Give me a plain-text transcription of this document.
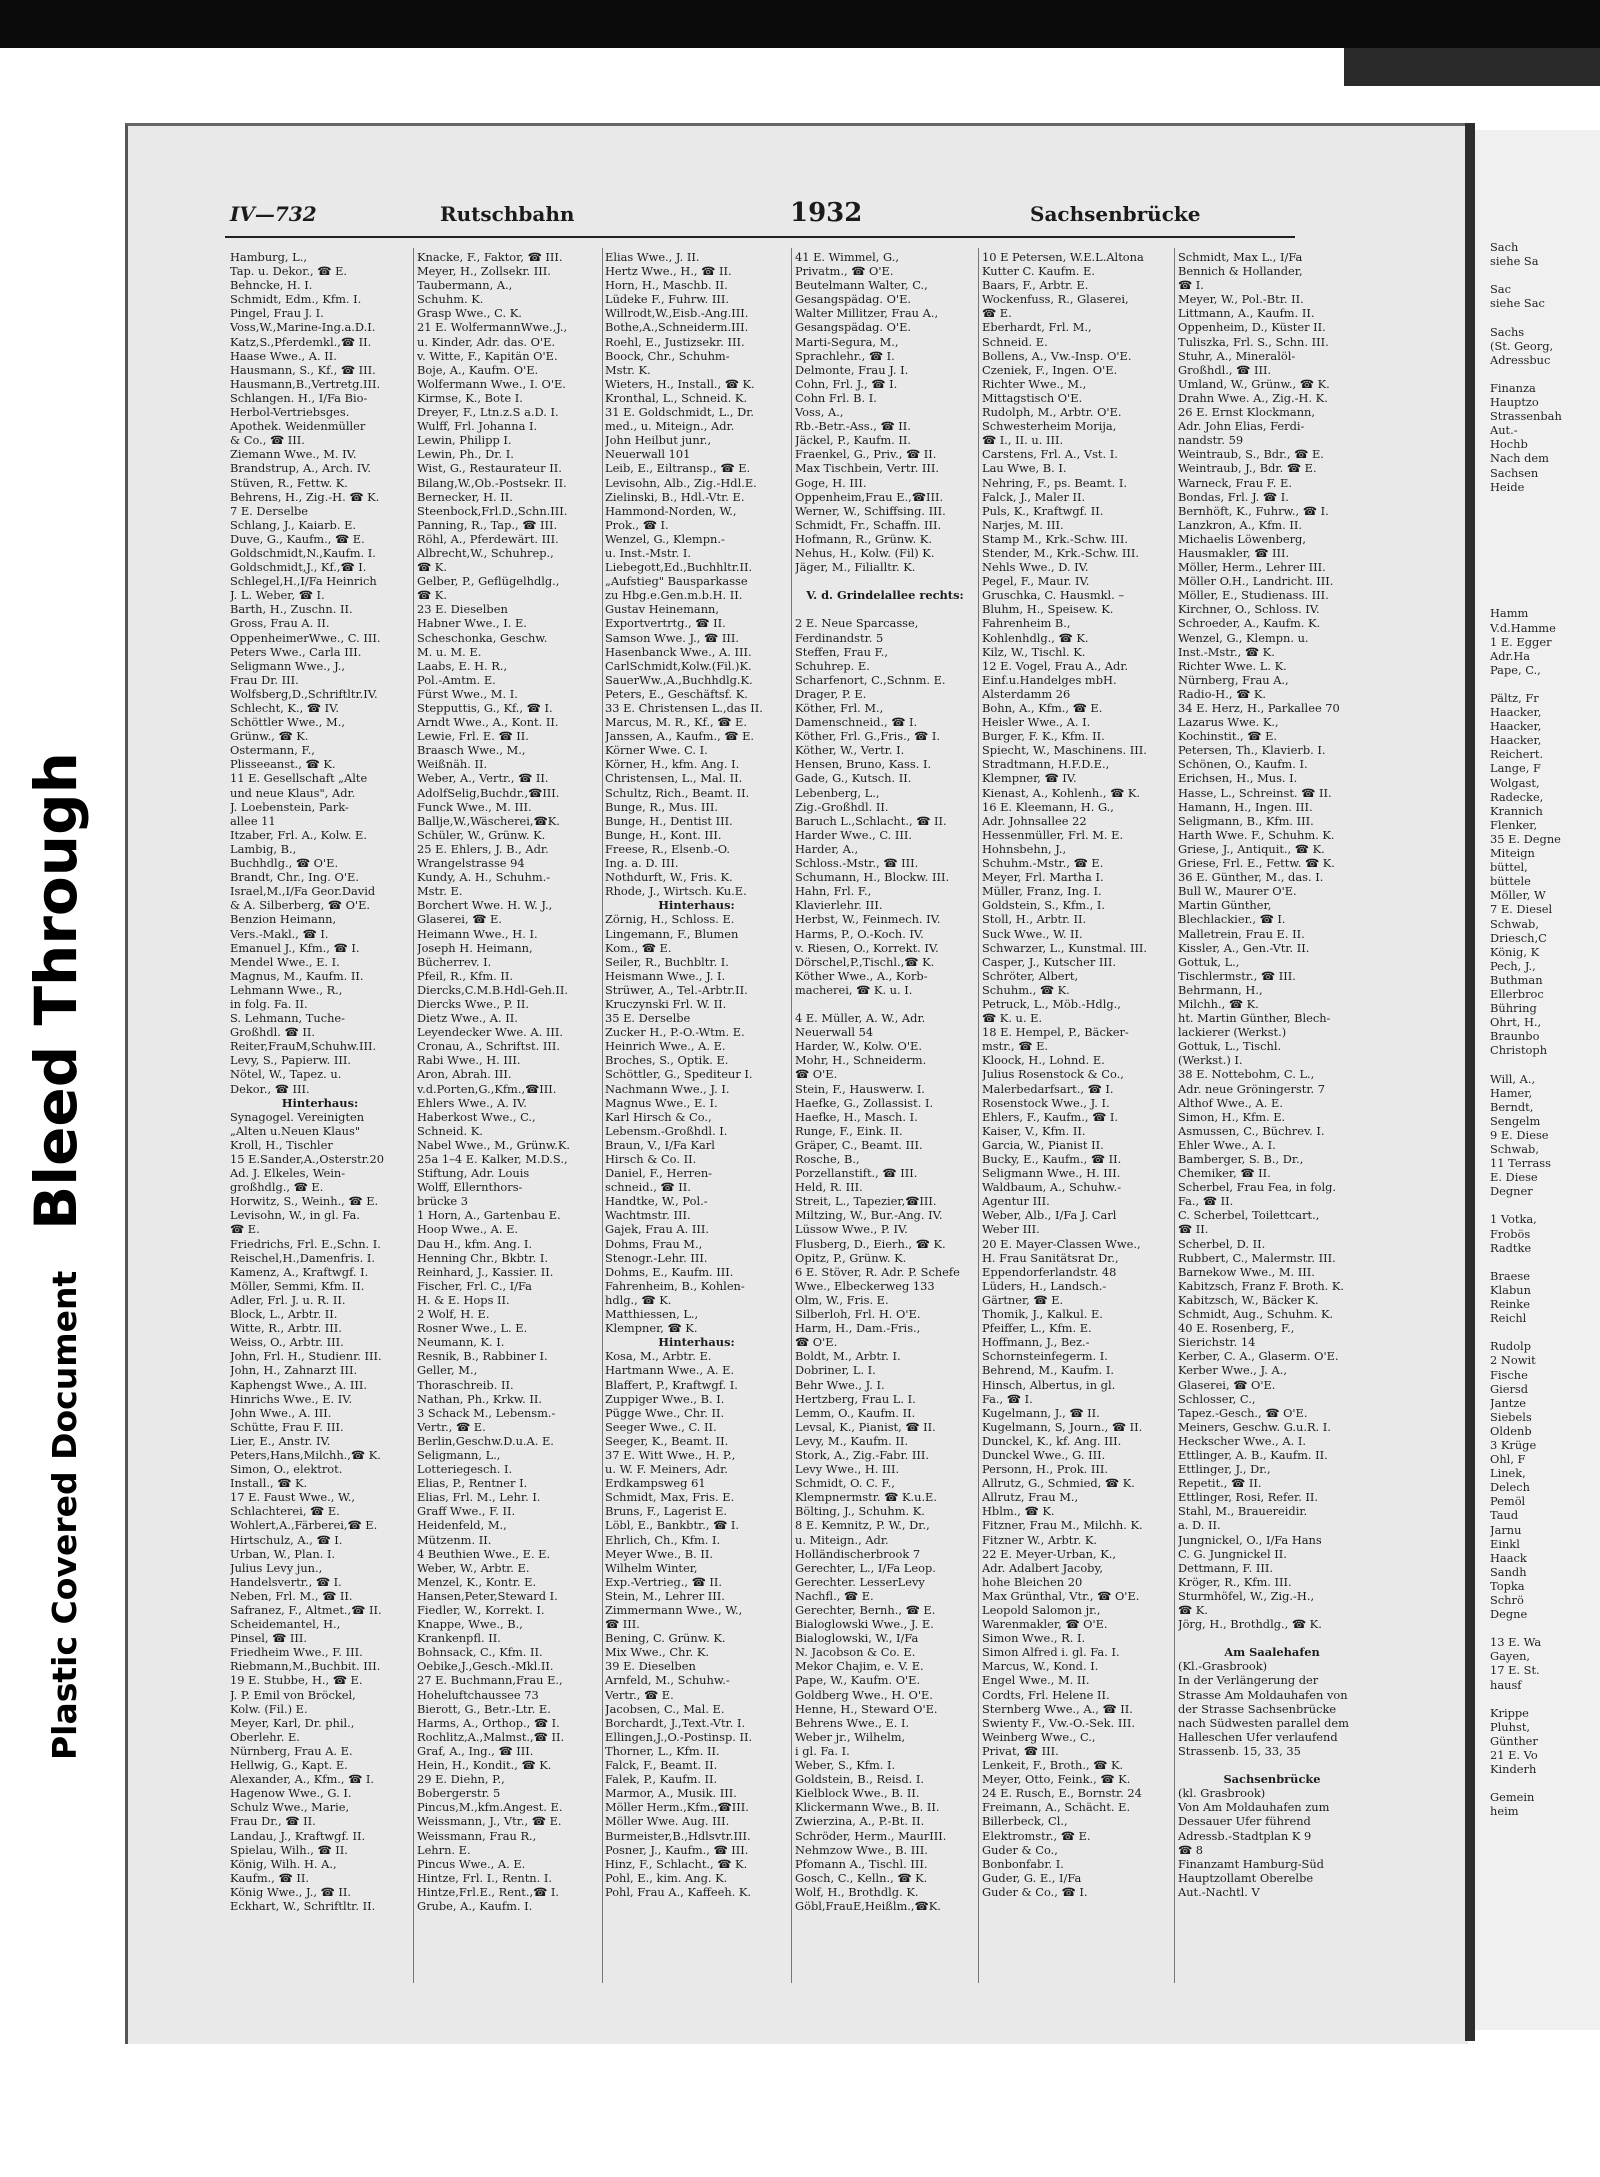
Bleed Through
Plastic Covered Document
IV—732	Rutschbahn	1932	Sachsenbrücke
Hamburg, L.,
Tap. u. Dekor., ☎ E.
Behncke, H. I.
Schmidt, Edm., Kfm. I.
Pingel, Frau J. I.
Voss,W.,Marine-Ing.a.D.I.
Katz,S.,Pferdemkl.,☎ II.
Haase Wwe., A. II.
Hausmann, S., Kf., ☎ III.
Hausmann,B.,Vertretg.III.
Schlangen. H., I/Fa Bio-
Herbol-Vertriebsges.
Apothek. Weidenmüller
& Co., ☎ III.
Ziemann Wwe., M. IV.
Brandstrup, A., Arch. IV.
Stüven, R., Fettw. K.
Behrens, H., Zig.-H. ☎ K.
7 E. Derselbe
Schlang, J., Kaiarb. E.
Duve, G., Kaufm., ☎ E.
Goldschmidt,N.,Kaufm. I.
Goldschmidt,J., Kf.,☎ I.
Schlegel,H.,I/Fa Heinrich
J. L. Weber, ☎ I.
Barth, H., Zuschn. II.
Gross, Frau A. II.
OppenheimerWwe., C. III.
Peters Wwe., Carla III.
Seligmann Wwe., J.,
Frau Dr. III.
Wolfsberg,D.,Schriftltr.IV.
Schlecht, K., ☎ IV.
Schöttler Wwe., M.,
Grünw., ☎ K.
Ostermann, F.,
Plisseeanst., ☎ K.
11 E. Gesellschaft „Alte
und neue Klaus", Adr.
J. Loebenstein, Park-
allee 11
Itzaber, Frl. A., Kolw. E.
Lambig, B.,
Buchhdlg., ☎ O'E.
Brandt, Chr., Ing. O'E.
Israel,M.,I/Fa Geor.David
& A. Silberberg, ☎ O'E.
Benzion Heimann,
Vers.-Makl., ☎ I.
Emanuel J., Kfm., ☎ I.
Mendel Wwe., E. I.
Magnus, M., Kaufm. II.
Lehmann Wwe., R.,
in folg. Fa. II.
S. Lehmann, Tuche-
Großhdl. ☎ II.
Reiter,FrauM,Schuhw.III.
Levy, S., Papierw. III.
Nötel, W., Tapez. u.
Dekor., ☎ III.
Hinterhaus:
Synagogel. Vereinigten
„Alten u.Neuen Klaus"
Kroll, H., Tischler
15 E.Sander,A.,Osterstr.20
Ad. J. Elkeles, Wein-
großhdlg., ☎ E.
Horwitz, S., Weinh., ☎ E.
Levisohn, W., in gl. Fa.
☎ E.
Friedrichs, Frl. E.,Schn. I.
Reischel,H.,Damenfris. I.
Kamenz, A., Kraftwgf. I.
Möller, Semmi, Kfm. II.
Adler, Frl. J. u. R. II.
Block, L., Arbtr. II.
Witte, R., Arbtr. III.
Weiss, O., Arbtr. III.
John, Frl. H., Studienr. III.
John, H., Zahnarzt III.
Kaphengst Wwe., A. III.
Hinrichs Wwe., E. IV.
John Wwe., A. III.
Schütte, Frau F. III.
Lier, E., Anstr. IV.
Peters,Hans,Milchh.,☎ K.
Simon, O., elektrot.
Install., ☎ K.
17 E. Faust Wwe., W.,
Schlachterei, ☎ E.
Wohlert,A.,Färberei,☎ E.
Hirtschulz, A., ☎ I.
Urban, W., Plan. I.
Julius Levy jun.,
Handelsvertr., ☎ I.
Neben, Frl. M., ☎ II.
Safranez, F., Altmet.,☎ II.
Scheidemantel, H.,
Pinsel, ☎ III.
Friedheim Wwe., F. III.
Riebmann,M.,Buchbit. III.
19 E. Stubbe, H., ☎ E.
J. P. Emil von Bröckel,
Kolw. (Fil.) E.
Meyer, Karl, Dr. phil.,
Oberlehr. E.
Nürnberg, Frau A. E.
Hellwig, G., Kapt. E.
Alexander, A., Kfm., ☎ I.
Hagenow Wwe., G. I.
Schulz Wwe., Marie,
Frau Dr., ☎ II.
Landau, J., Kraftwgf. II.
Spielau, Wilh., ☎ II.
König, Wilh. H. A.,
Kaufm., ☎ II.
König Wwe., J., ☎ II.
Eckhart, W., Schriftltr. II.
Knacke, F., Faktor, ☎ III.
Meyer, H., Zollsekr. III.
Taubermann, A.,
Schuhm. K.
Grasp Wwe., C. K.
21 E. WolfermannWwe.,J.,
u. Kinder, Adr. das. O'E.
v. Witte, F., Kapitän O'E.
Boje, A., Kaufm. O'E.
Wolfermann Wwe., I. O'E.
Kirmse, K., Bote I.
Dreyer, F., Ltn.z.S a.D. I.
Wulff, Frl. Johanna I.
Lewin, Philipp I.
Lewin, Ph., Dr. I.
Wist, G., Restaurateur II.
Bilang,W.,Ob.-Postsekr. II.
Bernecker, H. II.
Steenbock,Frl.D.,Schn.III.
Panning, R., Tap., ☎ III.
Röhl, A., Pferdewärt. III.
Albrecht,W., Schuhrep.,
☎ K.
Gelber, P., Geflügelhdlg.,
☎ K.
23 E. Dieselben
Habner Wwe., I. E.
Scheschonka, Geschw.
M. u. M. E.
Laabs, E. H. R.,
Pol.-Amtm. E.
Fürst Wwe., M. I.
Stepputtis, G., Kf., ☎ I.
Arndt Wwe., A., Kont. II.
Lewie, Frl. E. ☎ II.
Braasch Wwe., M.,
Weißnäh. II.
Weber, A., Vertr., ☎ II.
AdolfSelig,Buchdr.,☎III.
Funck Wwe., M. III.
Ballje,W.,Wäscherei,☎K.
Schüler, W., Grünw. K.
25 E. Ehlers, J. B., Adr.
Wrangelstrasse 94
Kundy, A. H., Schuhm.-
Mstr. E.
Borchert Wwe. H. W. J.,
Glaserei, ☎ E.
Heimann Wwe., H. I.
Joseph H. Heimann,
Bücherrev. I.
Pfeil, R., Kfm. II.
Diercks,C.M.B.Hdl-Geh.II.
Diercks Wwe., P. II.
Dietz Wwe., A. II.
Leyendecker Wwe. A. III.
Cronau, A., Schriftst. III.
Rabi Wwe., H. III.
Aron, Abrah. III.
v.d.Porten,G.,Kfm.,☎III.
Ehlers Wwe., A. IV.
Haberkost Wwe., C.,
Schneid. K.
Nabel Wwe., M., Grünw.K.
25a 1–4 E. Kalker, M.D.S.,
Stiftung, Adr. Louis
Wolff, Ellernthors-
brücke 3
1 Horn, A., Gartenbau E.
Hoop Wwe., A. E.
Dau H., kfm. Ang. I.
Henning Chr., Bkbtr. I.
Reinhard, J., Kassier. II.
Fischer, Frl. C., I/Fa
H. & E. Hops II.
2 Wolf, H. E.
Rosner Wwe., L. E.
Neumann, K. I.
Resnik, B., Rabbiner I.
Geller, M.,
Thoraschreib. II.
Nathan, Ph., Krkw. II.
3 Schack M., Lebensm.-
Vertr., ☎ E.
Berlin,Geschw.D.u.A. E.
Seligmann, L.,
Lotteriegesch. I.
Elias, P., Rentner I.
Elias, Frl. M., Lehr. I.
Graff Wwe., F. II.
Heidenfeld, M.,
Mützenm. II.
4 Beuthien Wwe., E. E.
Weber, W., Arbtr. E.
Menzel, K., Kontr. E.
Hansen,Peter,Steward I.
Fiedler, W., Korrekt. I.
Knappe, Wwe., B.,
Krankenpfl. II.
Bohnsack, C., Kfm. II.
Oebike,J.,Gesch.-Mkl.II.
27 E. Buchmann,Frau E.,
Hoheluftchaussee 73
Bierott, G., Betr.-Ltr. E.
Harms, A., Orthop., ☎ I.
Rochlitz,A.,Malmst.,☎ II.
Graf, A., Ing., ☎ III.
Hein, H., Kondit., ☎ K.
29 E. Diehn, P.,
Bobergerstr. 5
Pincus,M.,kfm.Angest. E.
Weissmann, J., Vtr., ☎ E.
Weissmann, Frau R.,
Lehrn. E.
Pincus Wwe., A. E.
Hintze, Frl. I., Rentn. I.
Hintze,Frl.E., Rent.,☎ I.
Grube, A., Kaufm. I.
Elias Wwe., J. II.
Hertz Wwe., H., ☎ II.
Horn, H., Maschb. II.
Lüdeke F., Fuhrw. III.
Willrodt,W.,Eisb.-Ang.III.
Bothe,A.,Schneiderm.III.
Roehl, E., Justizsekr. III.
Boock, Chr., Schuhm-
Mstr. K.
Wieters, H., Install., ☎ K.
Kronthal, L., Schneid. K.
31 E. Goldschmidt, L., Dr.
med., u. Miteign., Adr.
John Heilbut junr.,
Neuerwall 101
Leib, E., Eiltransp., ☎ E.
Levisohn, Alb., Zig.-Hdl.E.
Zielinski, B., Hdl.-Vtr. E.
Hammond-Norden, W.,
Prok., ☎ I.
Wenzel, G., Klempn.-
u. Inst.-Mstr. I.
Liebegott,Ed.,Buchhltr.II.
„Aufstieg" Bausparkasse
zu Hbg.e.Gen.m.b.H. II.
Gustav Heinemann,
Exportvertrtg., ☎ II.
Samson Wwe. J., ☎ III.
Hasenbanck Wwe., A. III.
CarlSchmidt,Kolw.(Fil.)K.
SauerWw.,A.,Buchhdlg.K.
Peters, E., Geschäftsf. K.
33 E. Christensen L.,das II.
Marcus, M. R., Kf., ☎ E.
Janssen, A., Kaufm., ☎ E.
Körner Wwe. C. I.
Körner, H., kfm. Ang. I.
Christensen, L., Mal. II.
Schultz, Rich., Beamt. II.
Bunge, R., Mus. III.
Bunge, H., Dentist III.
Bunge, H., Kont. III.
Freese, R., Elsenb.-O.
Ing. a. D. III.
Nothdurft, W., Fris. K.
Rhode, J., Wirtsch. Ku.E.
Hinterhaus:
Zörnig, H., Schloss. E.
Lingemann, F., Blumen
Kom., ☎ E.
Seiler, R., Buchbltr. I.
Heismann Wwe., J. I.
Strüwer, A., Tel.-Arbtr.II.
Kruczynski Frl. W. II.
35 E. Derselbe
Zucker H., P.-O.-Wtm. E.
Heinrich Wwe., A. E.
Broches, S., Optik. E.
Schöttler, G., Spediteur I.
Nachmann Wwe., J. I.
Magnus Wwe., E. I.
Karl Hirsch & Co.,
Lebensm.-Großhdl. I.
Braun, V., I/Fa Karl
Hirsch & Co. II.
Daniel, F., Herren-
schneid., ☎ II.
Handtke, W., Pol.-
Wachtmstr. III.
Gajek, Frau A. III.
Dohms, Frau M.,
Stenogr.-Lehr. III.
Dohms, E., Kaufm. III.
Fahrenheim, B., Kohlen-
hdlg., ☎ K.
Matthiessen, L.,
Klempner, ☎ K.
Hinterhaus:
Kosa, M., Arbtr. E.
Hartmann Wwe., A. E.
Blaffert, P., Kraftwgf. I.
Zuppiger Wwe., B. I.
Pügge Wwe., Chr. II.
Seeger Wwe., C. II.
Seeger, K., Beamt. II.
37 E. Witt Wwe., H. P.,
u. W. F. Meiners, Adr.
Erdkampsweg 61
Schmidt, Max, Fris. E.
Bruns, F., Lagerist E.
Löbl, E., Bankbtr., ☎ I.
Ehrlich, Ch., Kfm. I.
Meyer Wwe., B. II.
Wilhelm Winter,
Exp.-Vertrieg., ☎ II.
Stein, M., Lehrer III.
Zimmermann Wwe., W.,
☎ III.
Bening, C. Grünw. K.
Mix Wwe., Chr. K.
39 E. Dieselben
Arnfeld, M., Schuhw.-
Vertr., ☎ E.
Jacobsen, C., Mal. E.
Borchardt, J.,Text.-Vtr. I.
Ellingen,J.,O.-Postinsp. II.
Thorner, L., Kfm. II.
Falck, F., Beamt. II.
Falek, P., Kaufm. II.
Marmor, A., Musik. III.
Möller Herm.,Kfm.,☎III.
Möller Wwe. Aug. III.
Burmeister,B.,Hdlsvtr.III.
Posner, J., Kaufm., ☎ III.
Hinz, F., Schlacht., ☎ K.
Pohl, E., kim. Ang. K.
Pohl, Frau A., Kaffeeh. K.
41 E. Wimmel, G.,
Privatm., ☎ O'E.
Beutelmann Walter, C.,
Gesangspädag. O'E.
Walter Millitzer, Frau A.,
Gesangspädag. O'E.
Marti-Segura, M.,
Sprachlehr., ☎ I.
Delmonte, Frau J. I.
Cohn, Frl. J., ☎ I.
Cohn Frl. B. I.
Voss, A.,
Rb.-Betr.-Ass., ☎ II.
Jäckel, P., Kaufm. II.
Fraenkel, G., Priv., ☎ II.
Max Tischbein, Vertr. III.
Goge, H. III.
Oppenheim,Frau E.,☎III.
Werner, W., Schiffsing. III.
Schmidt, Fr., Schaffn. III.
Hofmann, R., Grünw. K.
Nehus, H., Kolw. (Fil) K.
Jäger, M., Filialltr. K.
V. d. Grindelallee rechts:
2 E. Neue Sparcasse,
Ferdinandstr. 5
Steffen, Frau F.,
Schuhrep. E.
Scharfenort, C.,Schnm. E.
Drager, P. E.
Köther, Frl. M.,
Damenschneid., ☎ I.
Köther, Frl. G.,Fris., ☎ I.
Köther, W., Vertr. I.
Hensen, Bruno, Kass. I.
Gade, G., Kutsch. II.
Lebenberg, L.,
Zig.-Großhdl. II.
Baruch L.,Schlacht., ☎ II.
Harder Wwe., C. III.
Harder, A.,
Schloss.-Mstr., ☎ III.
Schumann, H., Blockw. III.
Hahn, Frl. F.,
Klavierlehr. III.
Herbst, W., Feinmech. IV.
Harms, P., O.-Koch. IV.
v. Riesen, O., Korrekt. IV.
Dörschel,P.,Tischl.,☎ K.
Köther Wwe., A., Korb-
macherei, ☎ K. u. I.
4 E. Müller, A. W., Adr.
Neuerwall 54
Harder, W., Kolw. O'E.
Mohr, H., Schneiderm.
☎ O'E.
Stein, F., Hauswerw. I.
Haefke, G., Zollassist. I.
Haefke, H., Masch. I.
Runge, F., Eink. II.
Gräper, C., Beamt. III.
Rosche, B.,
Porzellanstift., ☎ III.
Held, R. III.
Streit, L., Tapezier,☎III.
Miltzing, W., Bur.-Ang. IV.
Lüssow Wwe., P. IV.
Flusberg, D., Eierh., ☎ K.
Opitz, P., Grünw. K.
6 E. Stöver, R. Adr. P. Schefe
Wwe., Elbeckerweg 133
Olm, W., Fris. E.
Silberloh, Frl. H. O'E.
Harm, H., Dam.-Fris.,
☎ O'E.
Boldt, M., Arbtr. I.
Dobriner, L. I.
Behr Wwe., J. I.
Hertzberg, Frau L. I.
Lemm, O., Kaufm. II.
Levsal, K., Pianist, ☎ II.
Levy, M., Kaufm. II.
Stork, A., Zig.-Fabr. III.
Levy Wwe., H. III.
Schmidt, O. C. F.,
Klempnermstr. ☎ K.u.E.
Bölting, J., Schuhm. K.
8 E. Kemnitz, P. W., Dr.,
u. Miteign., Adr.
Holländischerbrook 7
Gerechter, L., I/Fa Leop.
Gerechter. LesserLevy
Nachfl., ☎ E.
Gerechter, Bernh., ☎ E.
Bialoglowski Wwe., J. E.
Bialoglowski, W., I/Fa
N. Jacobson & Co. E.
Mekor Chajim, e. V. E.
Pape, W., Kaufm. O'E.
Goldberg Wwe., H. O'E.
Henne, H., Steward O'E.
Behrens Wwe., E. I.
Weber jr., Wilhelm,
i gl. Fa. I.
Weber, S., Kfm. I.
Goldstein, B., Reisd. I.
Kielblock Wwe., B. II.
Klickermann Wwe., B. II.
Zwierzina, A., P.-Bt. II.
Schröder, Herm., MaurIII.
Nehmzow Wwe., B. III.
Pfomann A., Tischl. III.
Gosch, C., Kelln., ☎ K.
Wolf, H., Brothdlg. K.
Göbl,FrauE,Heißlm.,☎K.
10 E Petersen, W.E.L.Altona
Kutter C. Kaufm. E.
Baars, F., Arbtr. E.
Wockenfuss, R., Glaserei,
☎ E.
Eberhardt, Frl. M.,
Schneid. E.
Bollens, A., Vw.-Insp. O'E.
Czeniek, F., Ingen. O'E.
Richter Wwe., M.,
Mittagstisch O'E.
Rudolph, M., Arbtr. O'E.
Schwesterheim Morija,
☎ I., II. u. III.
Carstens, Frl. A., Vst. I.
Lau Wwe, B. I.
Nehring, F., ps. Beamt. I.
Falck, J., Maler II.
Puls, K., Kraftwgf. II.
Narjes, M. III.
Stamp M., Krk.-Schw. III.
Stender, M., Krk.-Schw. III.
Nehls Wwe., D. IV.
Pegel, F., Maur. IV.
Gruschka, C. Hausmkl. –
Bluhm, H., Speisew. K.
Fahrenheim B.,
Kohlenhdlg., ☎ K.
Kilz, W., Tischl. K.
12 E. Vogel, Frau A., Adr.
Einf.u.Handelges mbH.
Alsterdamm 26
Bohn, A., Kfm., ☎ E.
Heisler Wwe., A. I.
Burger, F. K., Kfm. II.
Spiecht, W., Maschinens. III.
Stradtmann, H.F.D.E.,
Klempner, ☎ IV.
Kienast, A., Kohlenh., ☎ K.
16 E. Kleemann, H. G.,
Adr. Johnsallee 22
Hessenmüller, Frl. M. E.
Hohnsbehn, J.,
Schuhm.-Mstr., ☎ E.
Meyer, Frl. Martha I.
Müller, Franz, Ing. I.
Goldstein, S., Kfm., I.
Stoll, H., Arbtr. II.
Suck Wwe., W. II.
Schwarzer, L., Kunstmal. III.
Casper, J., Kutscher III.
Schröter, Albert,
Schuhm., ☎ K.
Petruck, L., Möb.-Hdlg.,
☎ K. u. E.
18 E. Hempel, P., Bäcker-
mstr., ☎ E.
Kloock, H., Lohnd. E.
Julius Rosenstock & Co.,
Malerbedarfsart., ☎ I.
Rosenstock Wwe., J. I.
Ehlers, F., Kaufm., ☎ I.
Kaiser, V., Kfm. II.
Garcia, W., Pianist II.
Bucky, E., Kaufm., ☎ II.
Seligmann Wwe., H. III.
Waldbaum, A., Schuhw.-
Agentur III.
Weber, Alb., I/Fa J. Carl
Weber III.
20 E. Mayer-Classen Wwe.,
H. Frau Sanitätsrat Dr.,
Eppendorferlandstr. 48
Lüders, H., Landsch.-
Gärtner, ☎ E.
Thomik, J., Kalkul. E.
Pfeiffer, L., Kfm. E.
Hoffmann, J., Bez.-
Schornsteinfegerm. I.
Behrend, M., Kaufm. I.
Hinsch, Albertus, in gl.
Fa., ☎ I.
Kugelmann, J., ☎ II.
Kugelmann, S, Journ., ☎ II.
Dunckel, K., kf. Ang. III.
Dunckel Wwe., G. III.
Personn, H., Prok. III.
Allrutz, G., Schmied, ☎ K.
Allrutz, Frau M.,
Hblm., ☎ K.
Fitzner, Frau M., Milchh. K.
Fitzner W., Arbtr. K.
22 E. Meyer-Urban, K.,
Adr. Adalbert Jacoby,
hohe Bleichen 20
Max Grünthal, Vtr., ☎ O'E.
Leopold Salomon jr.,
Warenmakler, ☎ O'E.
Simon Wwe., R. I.
Simon Alfred i. gl. Fa. I.
Marcus, W., Kond. I.
Engel Wwe., M. II.
Cordts, Frl. Helene II.
Sternberg Wwe., A., ☎ II.
Swienty F., Vw.-O.-Sek. III.
Weinberg Wwe., C.,
Privat, ☎ III.
Lenkeit, F., Broth., ☎ K.
Meyer, Otto, Feink., ☎ K.
24 E. Rusch, E., Bornstr. 24
Freimann, A., Schächt. E.
Billerbeck, Cl.,
Elektromstr., ☎ E.
Guder & Co.,
Bonbonfabr. I.
Guder, G. E., I/Fa
Guder & Co., ☎ I.
Schmidt, Max L., I/Fa
Bennich & Hollander,
☎ I.
Meyer, W., Pol.-Btr. II.
Littmann, A., Kaufm. II.
Oppenheim, D., Küster II.
Tuliszka, Frl. S., Schn. III.
Stuhr, A., Mineralöl-
Großhdl., ☎ III.
Umland, W., Grünw., ☎ K.
Drahn Wwe. A., Zig.-H. K.
26 E. Ernst Klockmann,
Adr. John Elias, Ferdi-
nandstr. 59
Weintraub, S., Bdr., ☎ E.
Weintraub, J., Bdr. ☎ E.
Warneck, Frau F. E.
Bondas, Frl. J. ☎ I.
Bernhöft, K., Fuhrw., ☎ I.
Lanzkron, A., Kfm. II.
Michaelis Löwenberg,
Hausmakler, ☎ III.
Möller, Herm., Lehrer III.
Möller O.H., Landricht. III.
Möller, E., Studienass. III.
Kirchner, O., Schloss. IV.
Schroeder, A., Kaufm. K.
Wenzel, G., Klempn. u.
Inst.-Mstr., ☎ K.
Richter Wwe. L. K.
Nürnberg, Frau A.,
Radio-H., ☎ K.
34 E. Herz, H., Parkallee 70
Lazarus Wwe. K.,
Kochinstit., ☎ E.
Petersen, Th., Klavierb. I.
Schönen, O., Kaufm. I.
Erichsen, H., Mus. I.
Hasse, L., Schreinst. ☎ II.
Hamann, H., Ingen. III.
Seligmann, B., Kfm. III.
Harth Wwe. F., Schuhm. K.
Griese, J., Antiquit., ☎ K.
Griese, Frl. E., Fettw. ☎ K.
36 E. Günther, M., das. I.
Bull W., Maurer O'E.
Martin Günther,
Blechlackier., ☎ I.
Malletrein, Frau E. II.
Kissler, A., Gen.-Vtr. II.
Gottuk, L.,
Tischlermstr., ☎ III.
Behrmann, H.,
Milchh., ☎ K.
ht. Martin Günther, Blech-
lackierer (Werkst.)
Gottuk, L., Tischl.
(Werkst.) I.
38 E. Nottebohm, C. L.,
Adr. neue Gröningerstr. 7
Althof Wwe., A. E.
Simon, H., Kfm. E.
Asmussen, C., Büchrev. I.
Ehler Wwe., A. I.
Bamberger, S. B., Dr.,
Chemiker, ☎ II.
Scherbel, Frau Fea, in folg.
Fa., ☎ II.
C. Scherbel, Toilettcart.,
☎ II.
Scherbel, D. II.
Rubbert, C., Malermstr. III.
Barnekow Wwe., M. III.
Kabitzsch, Franz F. Broth. K.
Kabitzsch, W., Bäcker K.
Schmidt, Aug., Schuhm. K.
40 E. Rosenberg, F.,
Sierichstr. 14
Kerber, C. A., Glaserm. O'E.
Kerber Wwe., J. A.,
Glaserei, ☎ O'E.
Schlosser, C.,
Tapez.-Gesch., ☎ O'E.
Meiners, Geschw. G.u.R. I.
Heckscher Wwe., A. I.
Ettlinger, A. B., Kaufm. II.
Ettlinger, J., Dr.,
Repetit., ☎ II.
Ettlinger, Rosi, Refer. II.
Stahl, M., Brauereidir.
a. D. II.
Jungnickel, O., I/Fa Hans
C. G. Jungnickel II.
Dettmann, F. III.
Kröger, R., Kfm. III.
Sturmhöfel, W., Zig.-H.,
☎ K.
Jörg, H., Brothdlg., ☎ K.
Am Saalehafen
(Kl.-Grasbrook)
In der Verlängerung der
Strasse Am Moldauhafen von
der Strasse Sachsenbrücke
nach Südwesten parallel dem
Halleschen Ufer verlaufend
Strassenb. 15, 33, 35
Sachsenbrücke
(kl. Grasbrook)
Von Am Moldauhafen zum
Dessauer Ufer führend
Adressb.-Stadtplan K 9
☎ 8
Finanzamt Hamburg-Süd
Hauptzollamt Oberelbe
Aut.-Nachtl. V
Sach
siehe Sa
Sac
siehe Sac
Sachs
(St. Georg,
Adressbuc
Finanza
Hauptzo
Strassenbah
Aut.-
Hochb
Nach dem
Sachsen
Heide
Hamm
V.d.Hamme
1 E. Egger
Adr.Ha
Pape, C.,
Pältz, Fr
Haacker,
Haacker,
Haacker,
Reichert.
Lange, F
Wolgast,
Radecke,
Krannich
Flenker,
35 E. Degne
Miteign
büttel,
büttele
Möller, W
7 E. Diesel
Schwab,
Driesch,C
König, K
Pech, J.,
Buthman
Ellerbroc
Bühring
Ohrt, H.,
Braunbo
Christoph
Will, A.,
Hamer,
Berndt,
Sengelm
9 E. Diese
Schwab,
11 Terrass
E. Diese
Degner
1 Votka,
Frobös
Radtke
Braese
Klabun
Reinke
Reichl
Rudolp
2 Nowit
Fische
Giersd
Jantze
Siebels
Oldenb
3 Krüge
Ohl, F
Linek,
Delech
Pemöl
Taud
Jarnu
Einkl
Haack
Sandh
Topka
Schrö
Degne
13 E. Wa
Gayen,
17 E. St.
hausf
Krippe
Pluhst,
Günther
21 E. Vo
Kinderh
Gemein
heim
